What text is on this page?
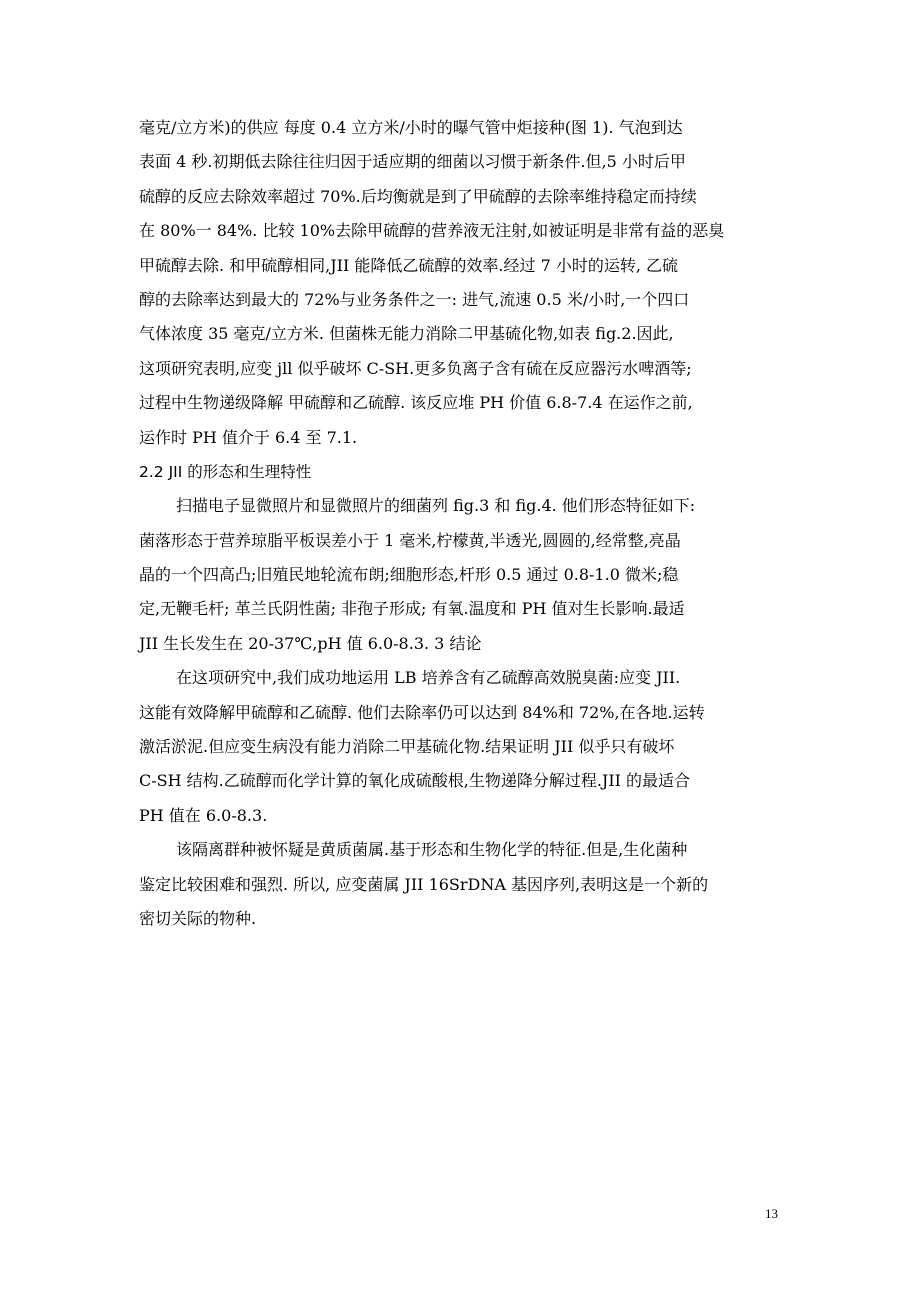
毫克/立方米)的供应 每度 0.4 立方米/小时的曝气管中炬接种(图 1). 气泡到达
表面 4 秒.初期低去除往往归因于适应期的细菌以习惯于新条件.但,5 小时后甲
硫醇的反应去除效率超过 70%.后均衡就是到了甲硫醇的去除率维持稳定而持续
在 80%一 84%. 比较 10%去除甲硫醇的营养液无注射,如被证明是非常有益的恶臭
甲硫醇去除. 和甲硫醇相同,JII 能降低乙硫醇的效率.经过 7 小时的运转, 乙硫
醇的去除率达到最大的 72%与业务条件之一: 进气,流速 0.5 米/小时,一个四口
气体浓度 35 毫克/立方米. 但菌株无能力消除二甲基硫化物,如表 fig.2.因此,
这项研究表明,应变 jll 似乎破坏 C-SH.更多负离子含有硫在反应器污水啤酒等;
过程中生物递级降解 甲硫醇和乙硫醇. 该反应堆 PH 价值 6.8-7.4 在运作之前,
运作时 PH 值介于 6.4 至 7.1.
2.2 JII 的形态和生理特性
扫描电子显微照片和显微照片的细菌列 fig.3 和 fig.4. 他们形态特征如下:
菌落形态于营养琼脂平板误差小于 1 毫米,柠檬黄,半透光,圆圆的,经常整,亮晶
晶的一个四高凸;旧殖民地轮流布朗;细胞形态,杆形 0.5 通过 0.8-1.0 微米;稳
定,无鞭毛杆; 革兰氏阴性菌; 非孢子形成; 有氧.温度和 PH 值对生长影响.最适
JII 生长发生在 20-37℃,pH 值 6.0-8.3. 3 结论
在这项研究中,我们成功地运用 LB 培养含有乙硫醇高效脱臭菌:应变 JII.
这能有效降解甲硫醇和乙硫醇. 他们去除率仍可以达到 84%和 72%,在各地.运转
激活淤泥.但应变生病没有能力消除二甲基硫化物.结果证明 JII 似乎只有破坏
C-SH 结构.乙硫醇而化学计算的氧化成硫酸根,生物递降分解过程.JII 的最适合
PH 值在 6.0-8.3.
该隔离群种被怀疑是黄质菌属.基于形态和生物化学的特征.但是,生化菌种
鉴定比较困难和强烈. 所以, 应变菌属 JII 16SrDNA 基因序列,表明这是一个新的
密切关际的物种.
13
